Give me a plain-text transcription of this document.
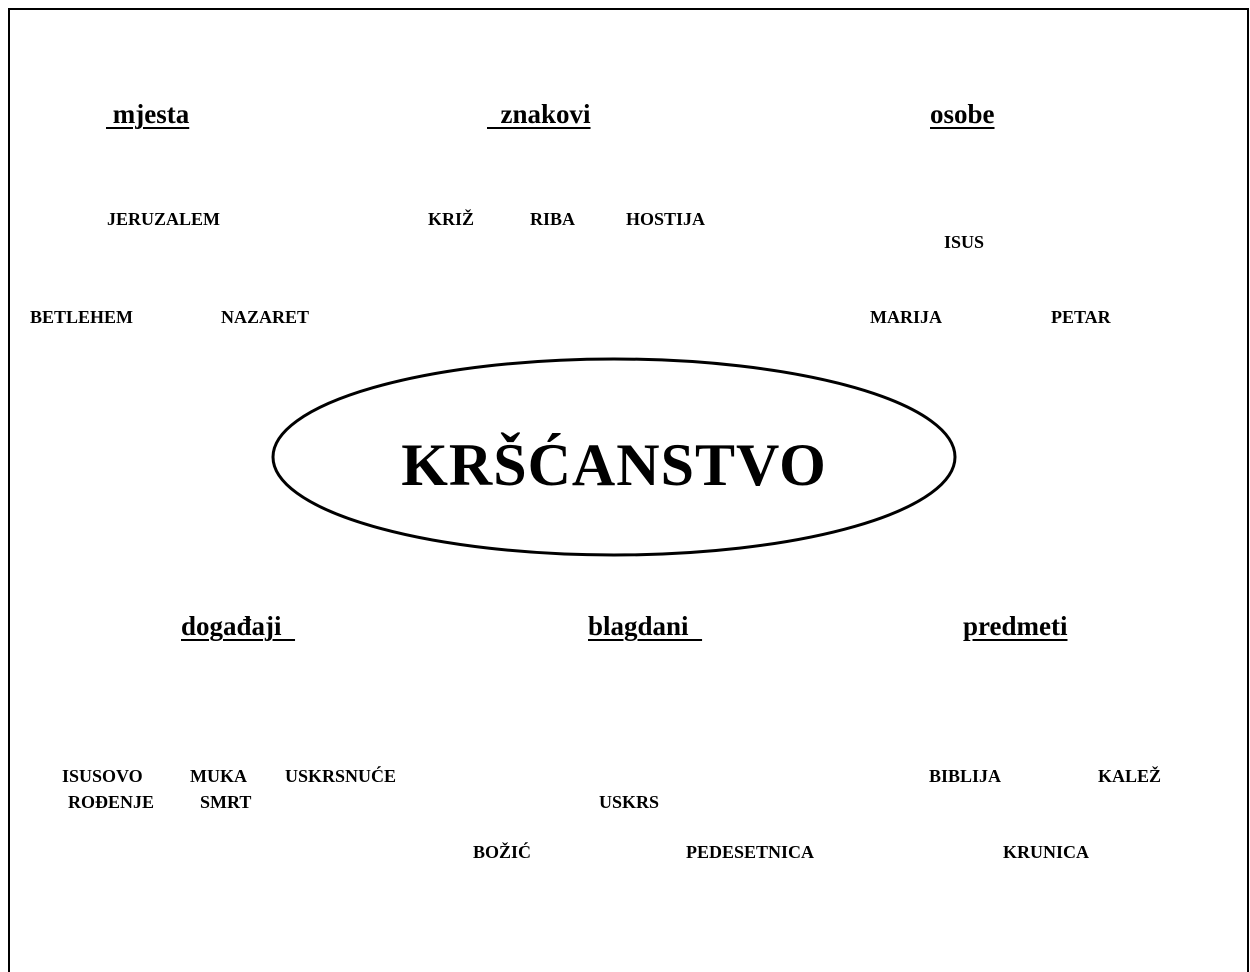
mjesta	znakovi	osobe
događaji	blagdani	predmeti
JERUZALEM
BETLEHEM	NAZARET
KRIŽ	RIBA	HOSTIJA
ISUS
MARIJA	PETAR
KRŠĆANSTVO
ISUSOVO
ROĐENJE
MUKA
SMRT
USKRSNUĆE
USKRS
BOŽIĆ	PEDESETNICA
BIBLIJA	KALEŽ
KRUNICA
